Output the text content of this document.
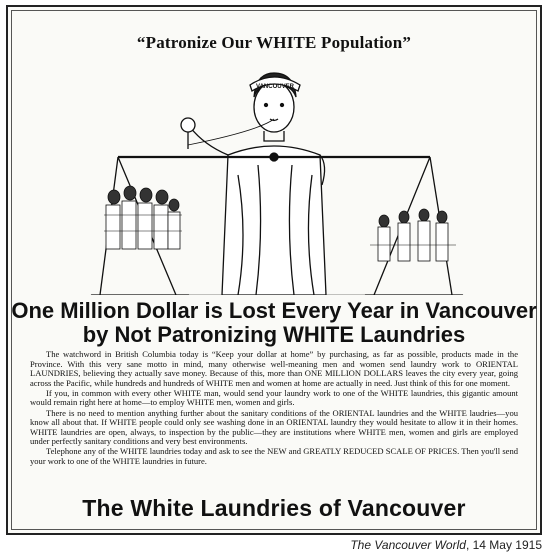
“Patronize Our WHITE Population”
VANCOUVER
One Million Dollar is Lost Every Year in Vancouver
by Not Patronizing WHITE Laundries

The watchword in British Columbia today is “Keep your dollar at home” by purchasing, as far as possible, products made in the Province. With this very sane motto in mind, many otherwise well-meaning men and women send laundry work to ORIENTAL LAUNDRIES, believing they actually save money. Because of this, more than ONE MILLION DOLLARS leaves the city every year, going across the Pacific, while hundreds and hundreds of WHITE men and women at home are actually in need. Just think of this for one moment.

If you, in common with every other WHITE man, would send your laundry work to one of the WHITE laundries, this gigantic amount would remain right here at home—to employ WHITE men, women and girls.

There is no need to mention anything further about the sanitary conditions of the ORIENTAL laundries and the WHITE laudries—you know all about that. If WHITE people could only see washing done in an ORIENTAL laundry they would hesitate to allow it in their homes. WHITE laundries are open, always, to inspection by the public—they are institutions where WHITE men, women and girls are employed under perfectly sanitary conditions and very best environments.

Telephone any of the WHITE laundries today and ask to see the NEW and GREATLY REDUCED SCALE OF PRICES. Then you'll send your work to one of the WHITE laundries in future.

The White Laundries of Vancouver
The Vancouver World, 14 May 1915
